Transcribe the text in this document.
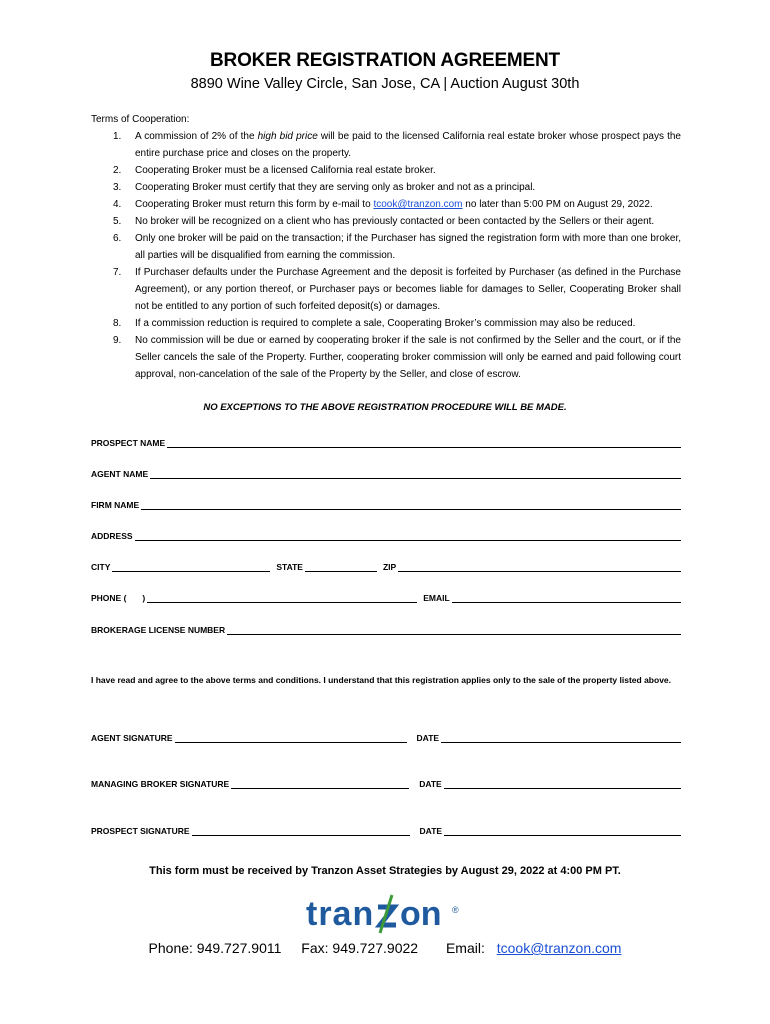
BROKER REGISTRATION AGREEMENT
8890 Wine Valley Circle, San Jose, CA | Auction August 30th
Terms of Cooperation:
1. A commission of 2% of the high bid price will be paid to the licensed California real estate broker whose prospect pays the entire purchase price and closes on the property.
2. Cooperating Broker must be a licensed California real estate broker.
3. Cooperating Broker must certify that they are serving only as broker and not as a principal.
4. Cooperating Broker must return this form by e-mail to tcook@tranzon.com no later than 5:00 PM on August 29, 2022.
5. No broker will be recognized on a client who has previously contacted or been contacted by the Sellers or their agent.
6. Only one broker will be paid on the transaction; if the Purchaser has signed the registration form with more than one broker, all parties will be disqualified from earning the commission.
7. If Purchaser defaults under the Purchase Agreement and the deposit is forfeited by Purchaser (as defined in the Purchase Agreement), or any portion thereof, or Purchaser pays or becomes liable for damages to Seller, Cooperating Broker shall not be entitled to any portion of such forfeited deposit(s) or damages.
8. If a commission reduction is required to complete a sale, Cooperating Broker’s commission may also be reduced.
9. No commission will be due or earned by cooperating broker if the sale is not confirmed by the Seller and the court, or if the Seller cancels the sale of the Property. Further, cooperating broker commission will only be earned and paid following court approval, non-cancelation of the sale of the Property by the Seller, and close of escrow.
NO EXCEPTIONS TO THE ABOVE REGISTRATION PROCEDURE WILL BE MADE.
PROSPECT NAME
AGENT NAME
FIRM NAME
ADDRESS
CITY	STATE	ZIP
PHONE ( )	EMAIL
BROKERAGE LICENSE NUMBER
I have read and agree to the above terms and conditions. I understand that this registration applies only to the sale of the property listed above.
AGENT SIGNATURE	DATE
MANAGING BROKER SIGNATURE	DATE
PROSPECT SIGNATURE	DATE
This form must be received by Tranzon Asset Strategies by August 29, 2022 at 4:00 PM PT.
tran on ®
Phone: 949.727.9011 Fax: 949.727.9022 Email: tcook@tranzon.com
